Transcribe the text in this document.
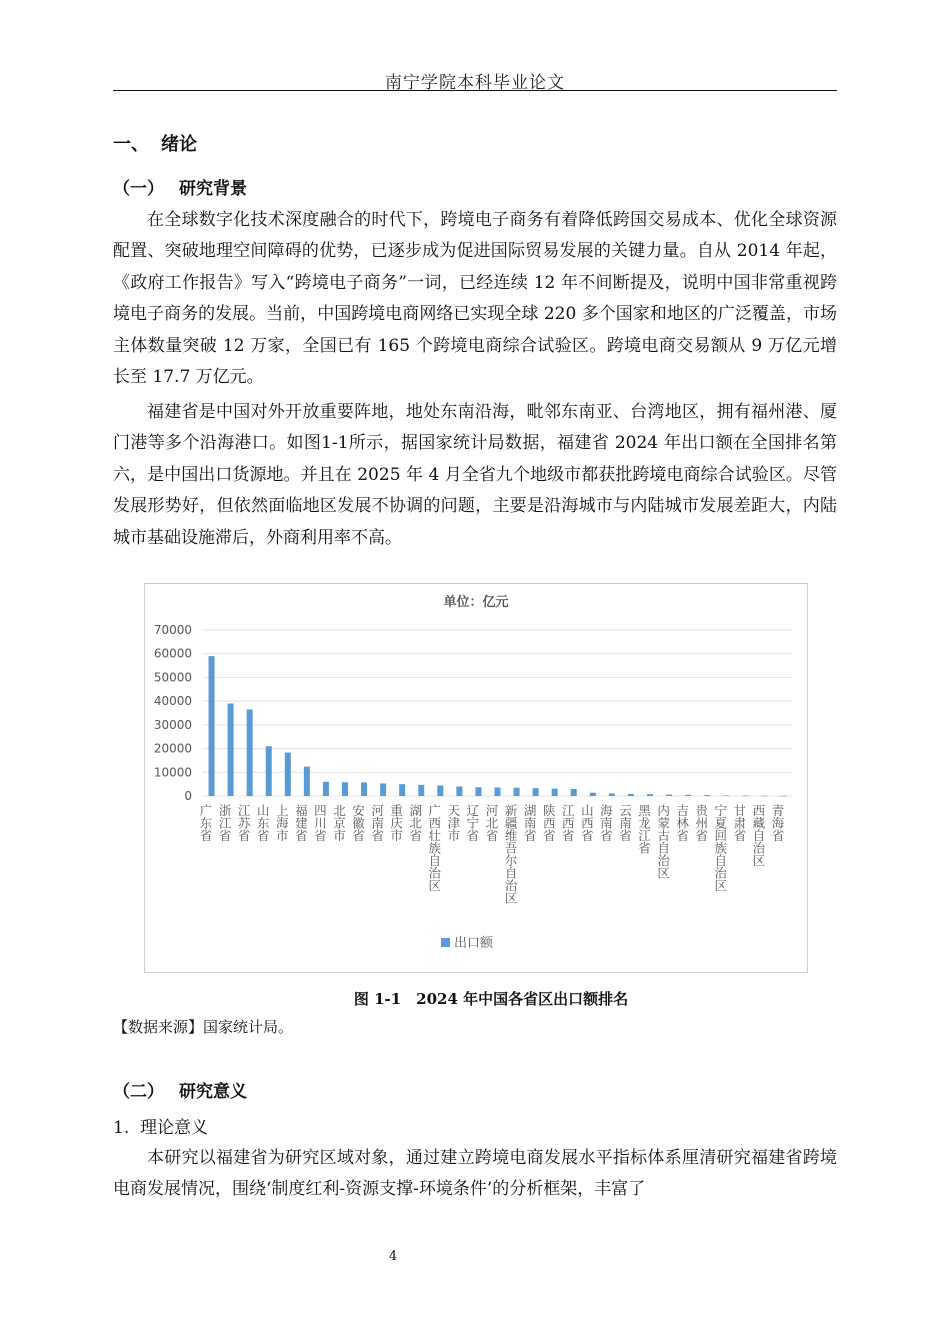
南宁学院本科毕业论文
一、 绪论
（一） 研究背景

在全球数字化技术深度融合的时代下，跨境电子商务有着降低跨国交易成本、优化全球资源配置、突破地理空间障碍的优势，已逐步成为促进国际贸易发展的关键力量。自从 2014 年起，《政府工作报告》写入“跨境电子商务”一词，已经连续 12 年不间断提及，说明中国非常重视跨境电子商务的发展。当前，中国跨境电商网络已实现全球 220 多个国家和地区的广泛覆盖，市场主体数量突破 12 万家，全国已有 165 个跨境电商综合试验区。跨境电商交易额从 9 万亿元增长至 17.7 万亿元。

福建省是中国对外开放重要阵地，地处东南沿海，毗邻东南亚、台湾地区，拥有福州港、厦门港等多个沿海港口。如图1-1所示，据国家统计局数据，福建省 2024 年出口额在全国排名第六，是中国出口货源地。并且在 2025 年 4 月全省九个地级市都获批跨境电商综合试验区。尽管发展形势好，但依然面临地区发展不协调的问题，主要是沿海城市与内陆城市发展差距大，内陆城市基础设施滞后，外商利用率不高。

单位：亿元
70000
60000
50000
40000
30000
20000
10000
0
广东省 浙江省 江苏省 山东省 上海市 福建省 四川省 北京市 安徽省 河南省 重庆市 湖北省 广西壮族自治区 天津市 辽宁省 河北省 新疆维吾尔自治区 湖南省 陕西省 江西省 山西省 海南省 云南省 黑龙江省 内蒙古自治区 吉林省 贵州省 宁夏回族自治区 甘肃省 西藏自治区 青海省
出口额
图 1-1　2024 年中国各省区出口额排名
【数据来源】国家统计局。
（二） 研究意义
1. 理论意义

本研究以福建省为研究区域对象，通过建立跨境电商发展水平指标体系厘清研究福建省跨境电商发展情况，围绕‘制度红利-资源支撑-环境条件’的分析框架，丰富了

4
